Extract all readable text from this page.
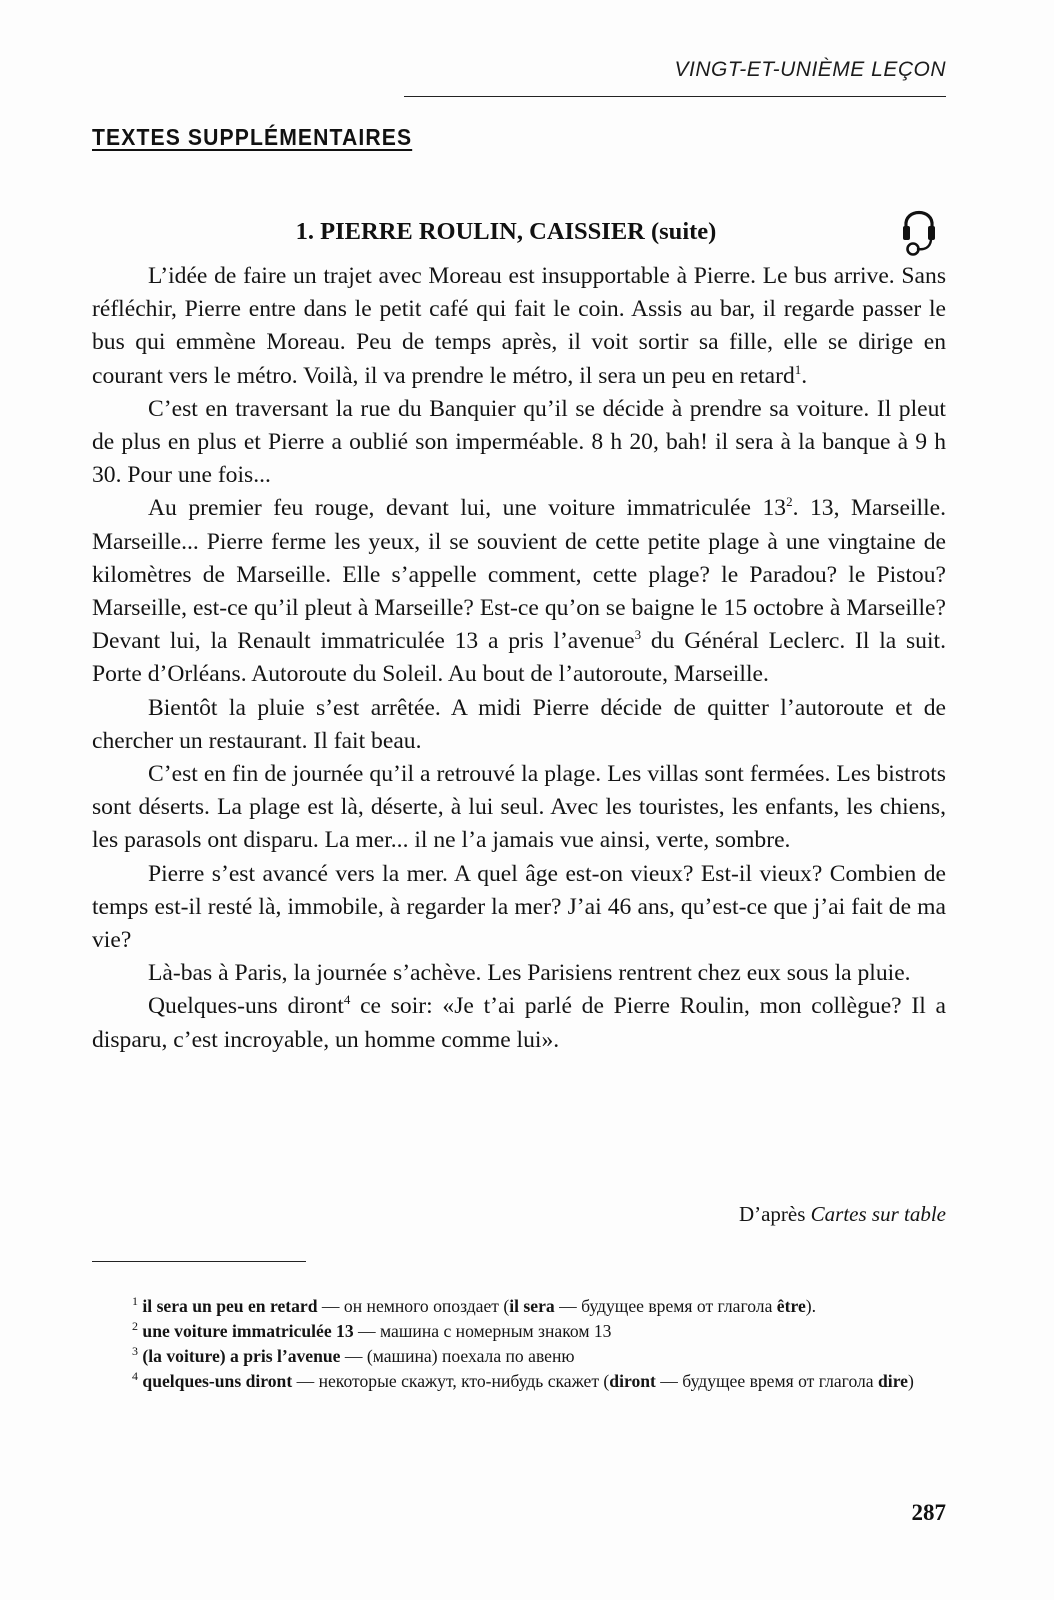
VINGT-ET-UNIÈME LEÇON
TEXTES SUPPLÉMENTAIRES
1. PIERRE ROULIN, CAISSIER (suite)

L’idée de faire un trajet avec Moreau est insupportable à Pierre. Le bus arrive. Sans réfléchir, Pierre entre dans le petit café qui fait le coin. Assis au bar, il regarde passer le bus qui emmène Moreau. Peu de temps après, il voit sortir sa fille, elle se dirige en courant vers le métro. Voilà, il va prendre le métro, il sera un peu en retard$^1$.

C’est en traversant la rue du Banquier qu’il se décide à prendre sa voiture. Il pleut de plus en plus et Pierre a oublié son imperméable. 8 h 20, bah! il sera à la banque à 9 h 30. Pour une fois...

Au premier feu rouge, devant lui, une voiture immatriculée $13^2$. 13, Marseille. Marseille... Pierre ferme les yeux, il se souvient de cette petite plage à une vingtaine de kilomètres de Marseille. Elle s’appelle comment, cette plage? le Paradou? le Pistou? Marseille, est-ce qu’il pleut à Marseille? Est-ce qu’on se baigne le 15 octobre à Marseille? Devant lui, la Renault immatriculée 13 a pris l’avenue$^3$ du Général Leclerc. Il la suit. Porte d’Orléans. Autoroute du Soleil. Au bout de l’autoroute, Marseille.

Bientôt la pluie s’est arrêtée. A midi Pierre décide de quitter l’autoroute et de chercher un restaurant. Il fait beau.

C’est en fin de journée qu’il a retrouvé la plage. Les villas sont fermées. Les bistrots sont déserts. La plage est là, déserte, à lui seul. Avec les touristes, les enfants, les chiens, les parasols ont disparu. La mer... il ne l’a jamais vue ainsi, verte, sombre.

Pierre s’est avancé vers la mer. A quel âge est-on vieux? Est-il vieux? Combien de temps est-il resté là, immobile, à regarder la mer? J’ai 46 ans, qu’est-ce que j’ai fait de ma vie?

Là-bas à Paris, la journée s’achève. Les Parisiens rentrent chez eux sous la pluie.

Quelques-uns diront$^4$ ce soir: «Je t’ai parlé de Pierre Roulin, mon collègue? Il a disparu, c’est incroyable, un homme comme lui».

D’après Cartes sur table

$^1$ il sera un peu en retard — он немного опоздает (il sera — будущее время от глагола être).

$^2$ une voiture immatriculée 13 — машина с номерным знаком 13

$^3$ (la voiture) a pris l’avenue — (машина) поехала по авеню

$^4$ quelques-uns diront — некоторые скажут, кто-нибудь скажет (diront — будущее время от глагола dire)

287
